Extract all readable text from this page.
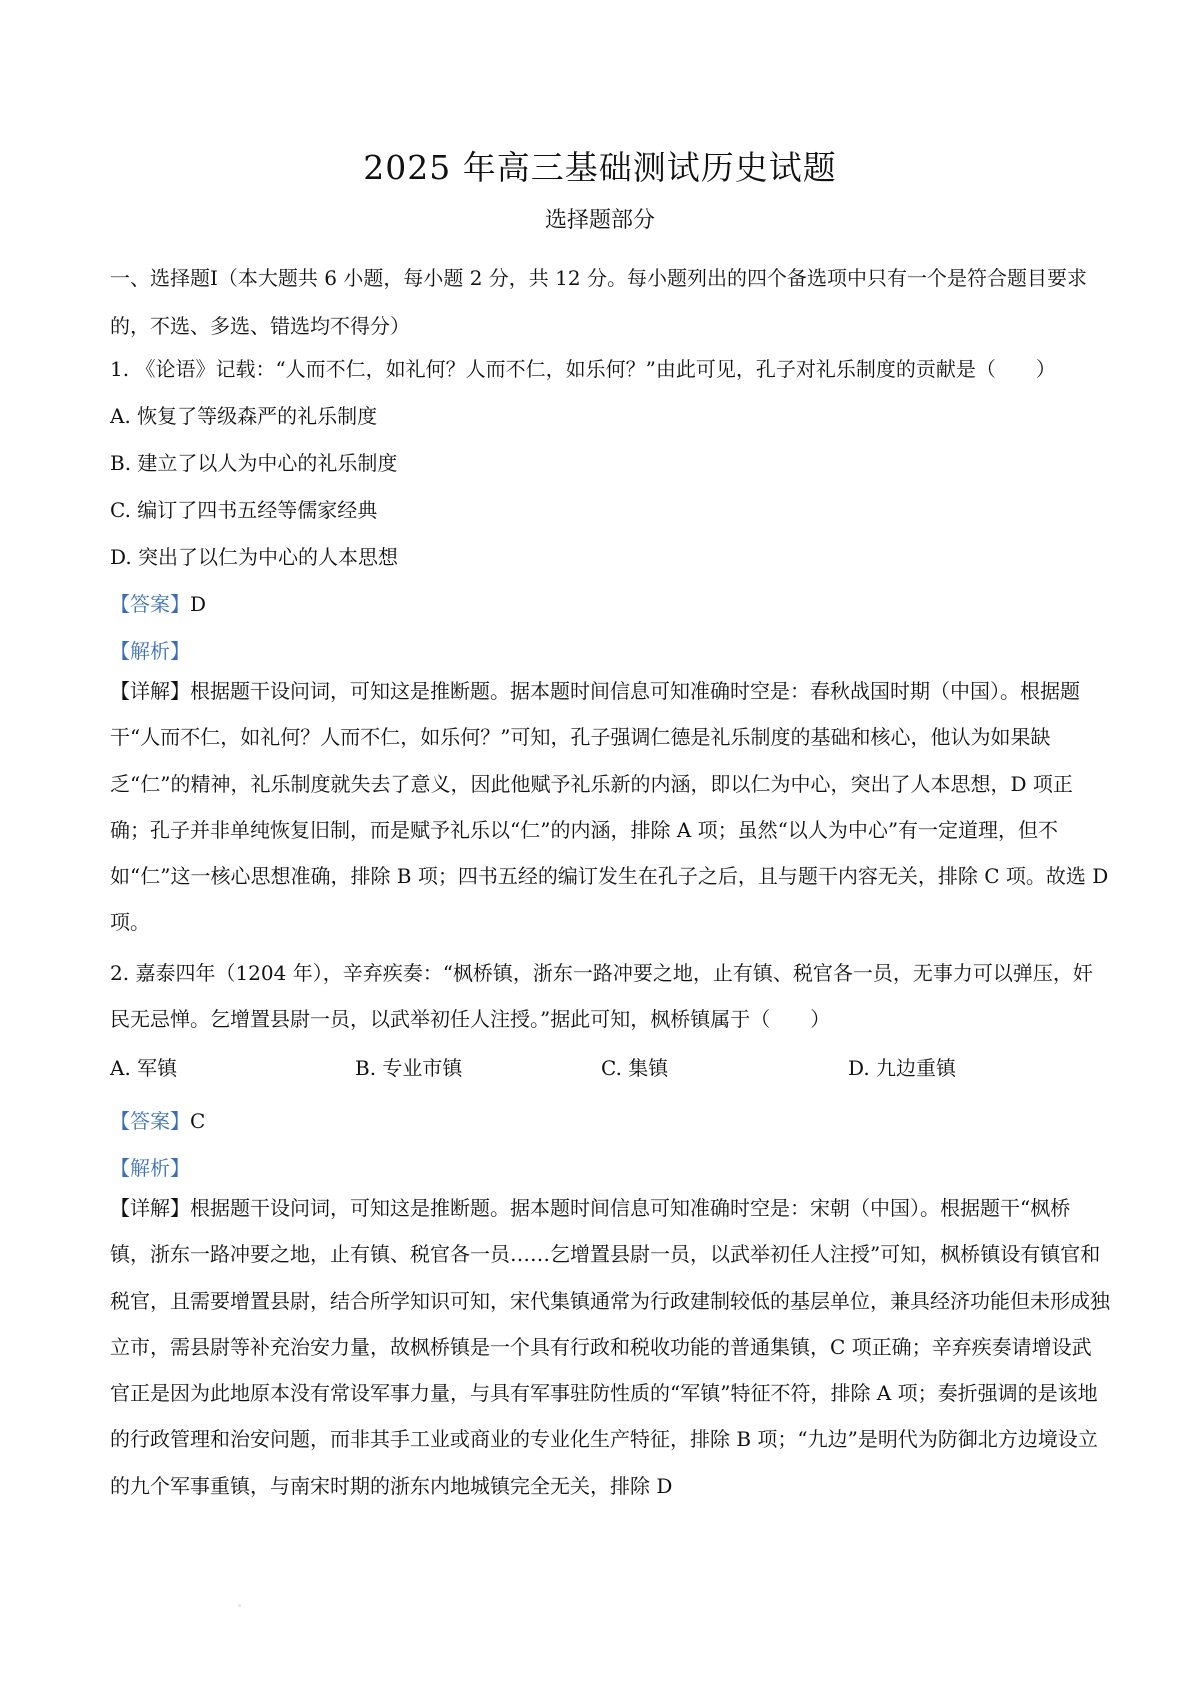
2025 年高三基础测试历史试题
选择题部分
一、选择题Ⅰ（本大题共 6 小题，每小题 2 分，共 12 分。每小题列出的四个备选项中只有一个是符合题目要求的，不选、多选、错选均不得分）
1. 《论语》记载：“人而不仁，如礼何？人而不仁，如乐何？”由此可见，孔子对礼乐制度的贡献是（　　）
A. 恢复了等级森严的礼乐制度
B. 建立了以人为中心的礼乐制度
C. 编订了四书五经等儒家经典
D. 突出了以仁为中心的人本思想
【答案】D
【解析】
【详解】根据题干设问词，可知这是推断题。据本题时间信息可知准确时空是：春秋战国时期（中国）。根据题干“人而不仁，如礼何？人而不仁，如乐何？”可知，孔子强调仁德是礼乐制度的基础和核心，他认为如果缺乏“仁”的精神，礼乐制度就失去了意义，因此他赋予礼乐新的内涵，即以仁为中心，突出了人本思想，D 项正确；孔子并非单纯恢复旧制，而是赋予礼乐以“仁”的内涵，排除 A 项；虽然“以人为中心”有一定道理，但不如“仁”这一核心思想准确，排除 B 项；四书五经的编订发生在孔子之后，且与题干内容无关，排除 C 项。故选 D 项。
2. 嘉泰四年（1204 年），辛弃疾奏：“枫桥镇，浙东一路冲要之地，止有镇、税官各一员，无事力可以弹压，奸民无忌惮。乞增置县尉一员，以武举初任人注授。”据此可知，枫桥镇属于（　　）
A. 军镇	B. 专业市镇	C. 集镇	D. 九边重镇
【答案】C
【解析】
【详解】根据题干设问词，可知这是推断题。据本题时间信息可知准确时空是：宋朝（中国）。根据题干“枫桥镇，浙东一路冲要之地，止有镇、税官各一员……乞增置县尉一员，以武举初任人注授”可知，枫桥镇设有镇官和税官，且需要增置县尉，结合所学知识可知，宋代集镇通常为行政建制较低的基层单位，兼具经济功能但未形成独立市，需县尉等补充治安力量，故枫桥镇是一个具有行政和税收功能的普通集镇，C 项正确；辛弃疾奏请增设武官正是因为此地原本没有常设军事力量，与具有军事驻防性质的“军镇”特征不符，排除 A 项；奏折强调的是该地的行政管理和治安问题，而非其手工业或商业的专业化生产特征，排除 B 项；“九边”是明代为防御北方边境设立的九个军事重镇，与南宋时期的浙东内地城镇完全无关，排除 D
